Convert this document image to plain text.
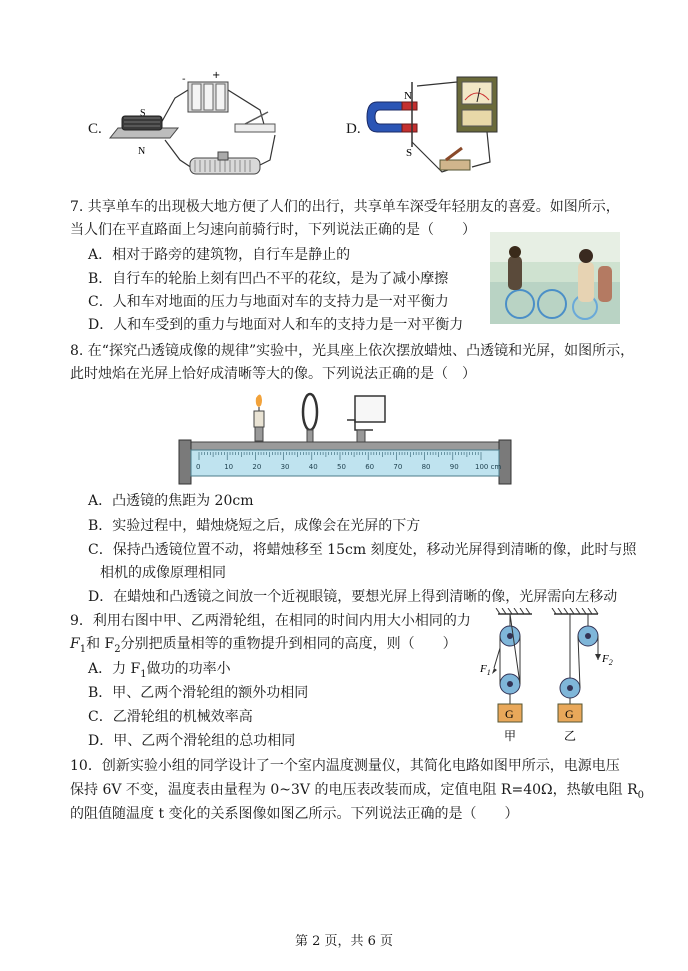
C.
-	+
S
N
D.
N
S
7. 共享单车的出现极大地方便了人们的出行，共享单车深受年轻朋友的喜爱。如图所示，
当人们在平直路面上匀速向前骑行时，下列说法正确的是（　　）
A．相对于路旁的建筑物，自行车是静止的
B．自行车的轮胎上刻有凹凸不平的花纹，是为了减小摩擦
C．人和车对地面的压力与地面对车的支持力是一对平衡力
D．人和车受到的重力与地面对人和车的支持力是一对平衡力
8. 在“探究凸透镜成像的规律”实验中，光具座上依次摆放蜡烛、凸透镜和光屏，如图所示，
此时烛焰在光屏上恰好成清晰等大的像。下列说法正确的是（　）
0	10	20	30	40	50	60	70	80	90 100 cm
A．凸透镜的焦距为 20cm
B．实验过程中，蜡烛烧短之后，成像会在光屏的下方
C．保持凸透镜位置不动，将蜡烛移至 15cm 刻度处，移动光屏得到清晰的像，此时与照
相机的成像原理相同
D．在蜡烛和凸透镜之间放一个近视眼镜，要想光屏上得到清晰的像，光屏需向左移动
9．利用右图中甲、乙两滑轮组，在相同的时间内用大小相同的力
$F_1$和 $F_2$分别把质量相等的重物提升到相同的高度，则（　　）
A．力 $F_1$做功的功率小
B．甲、乙两个滑轮组的额外功相同
C．乙滑轮组的机械效率高
D．甲、乙两个滑轮组的总功相同
$F_1$
$F_2$
G	G
甲	乙
10．创新实验小组的同学设计了一个室内温度测量仪，其简化电路如图甲所示，电源电压
保持 6V 不变，温度表由量程为 0~3V 的电压表改装而成，定值电阻 R=40Ω，热敏电阻 $R_0$
的阻值随温度 t 变化的关系图像如图乙所示。下列说法正确的是（　　）
第 2 页，共 6 页
